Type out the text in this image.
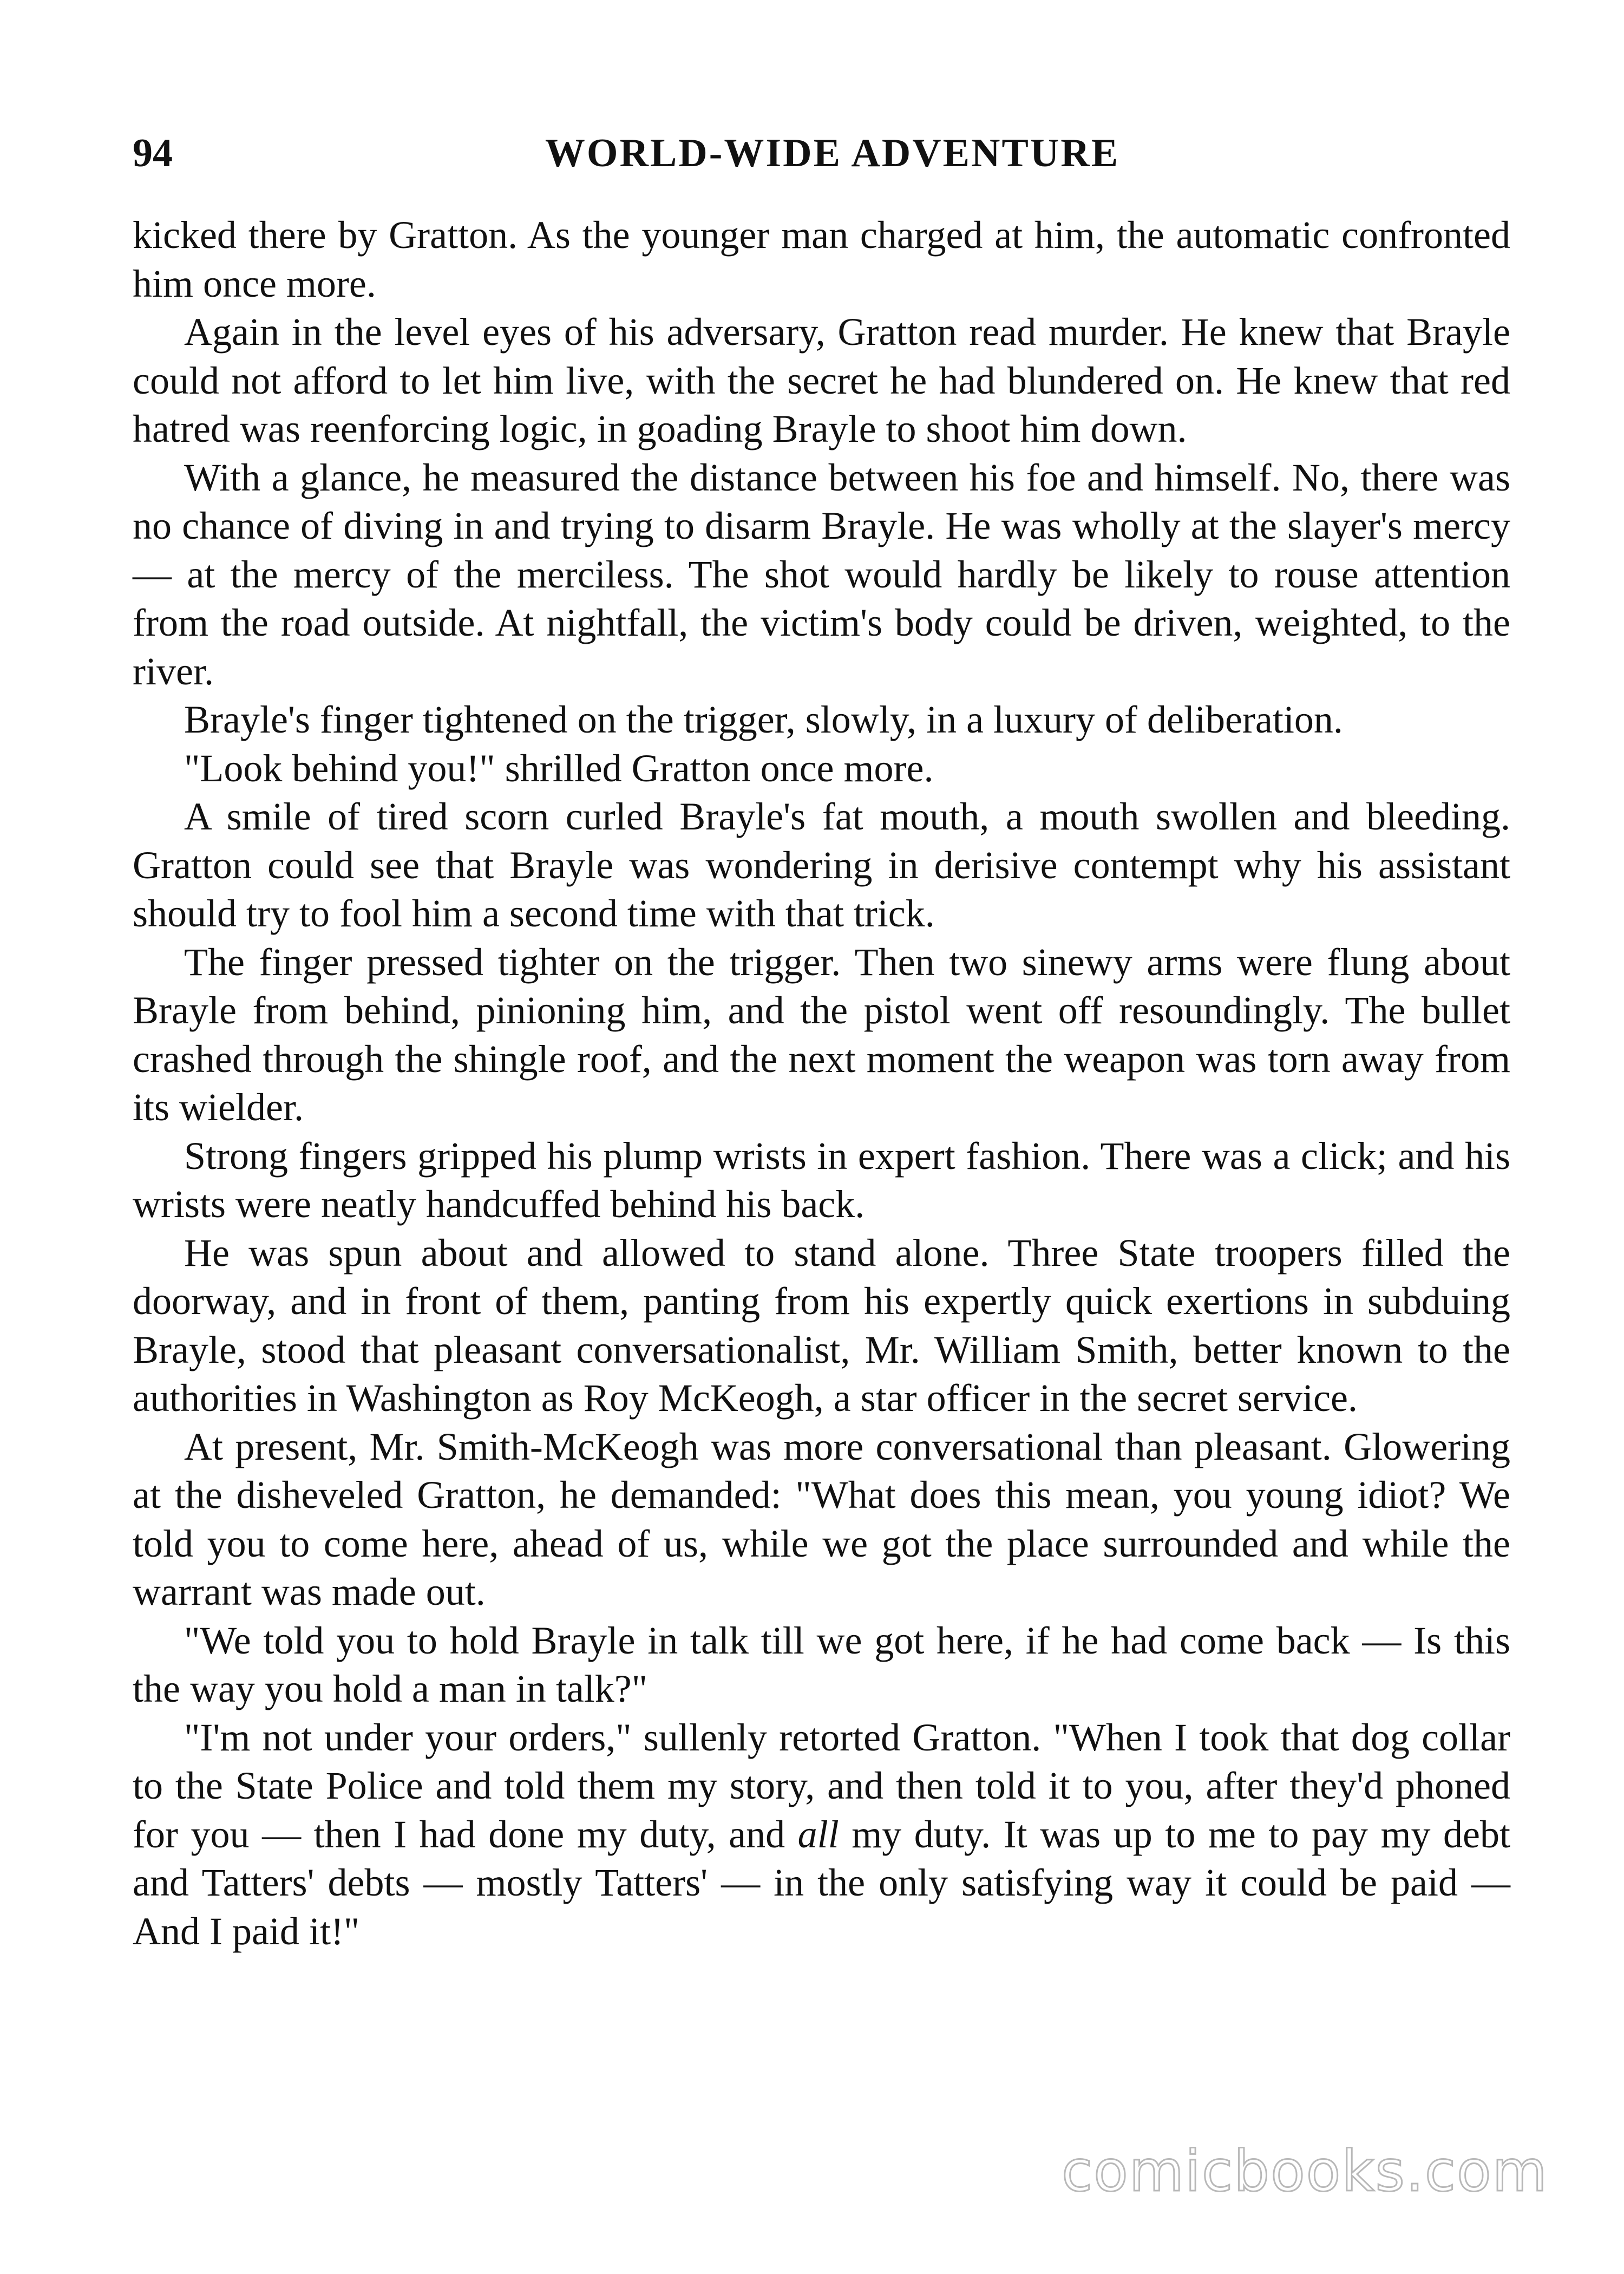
94	WORLD-WIDE ADVENTURE

kicked there by Gratton. As the younger man charged at him, the automatic confronted him once more.

Again in the level eyes of his adversary, Gratton read murder. He knew that Brayle could not afford to let him live, with the secret he had blundered on. He knew that red hatred was reenforcing logic, in goading Brayle to shoot him down.

With a glance, he measured the distance between his foe and himself. No, there was no chance of diving in and trying to disarm Brayle. He was wholly at the slayer's mercy — at the mercy of the merciless. The shot would hardly be likely to rouse attention from the road outside. At nightfall, the victim's body could be driven, weighted, to the river.

Brayle's finger tightened on the trigger, slowly, in a luxury of deliberation.

"Look behind you!" shrilled Gratton once more.

A smile of tired scorn curled Brayle's fat mouth, a mouth swollen and bleeding. Gratton could see that Brayle was wondering in derisive contempt why his assistant should try to fool him a second time with that trick.

The finger pressed tighter on the trigger. Then two sinewy arms were flung about Brayle from behind, pinioning him, and the pistol went off resoundingly. The bullet crashed through the shingle roof, and the next moment the weapon was torn away from its wielder.

Strong fingers gripped his plump wrists in expert fashion. There was a click; and his wrists were neatly handcuffed behind his back.

He was spun about and allowed to stand alone. Three State troopers filled the doorway, and in front of them, panting from his expertly quick exertions in subduing Brayle, stood that pleasant conversationalist, Mr. William Smith, better known to the authorities in Washington as Roy McKeogh, a star officer in the secret service.

At present, Mr. Smith-McKeogh was more conversational than pleasant. Glowering at the disheveled Gratton, he demanded: "What does this mean, you young idiot? We told you to come here, ahead of us, while we got the place surrounded and while the warrant was made out.

"We told you to hold Brayle in talk till we got here, if he had come back — Is this the way you hold a man in talk?"

"I'm not under your orders," sullenly retorted Gratton. "When I took that dog collar to the State Police and told them my story, and then told it to you, after they'd phoned for you — then I had done my duty, and all my duty. It was up to me to pay my debt and Tatters' debts — mostly Tatters' — in the only satisfying way it could be paid — And I paid it!"

comicbooks.com
